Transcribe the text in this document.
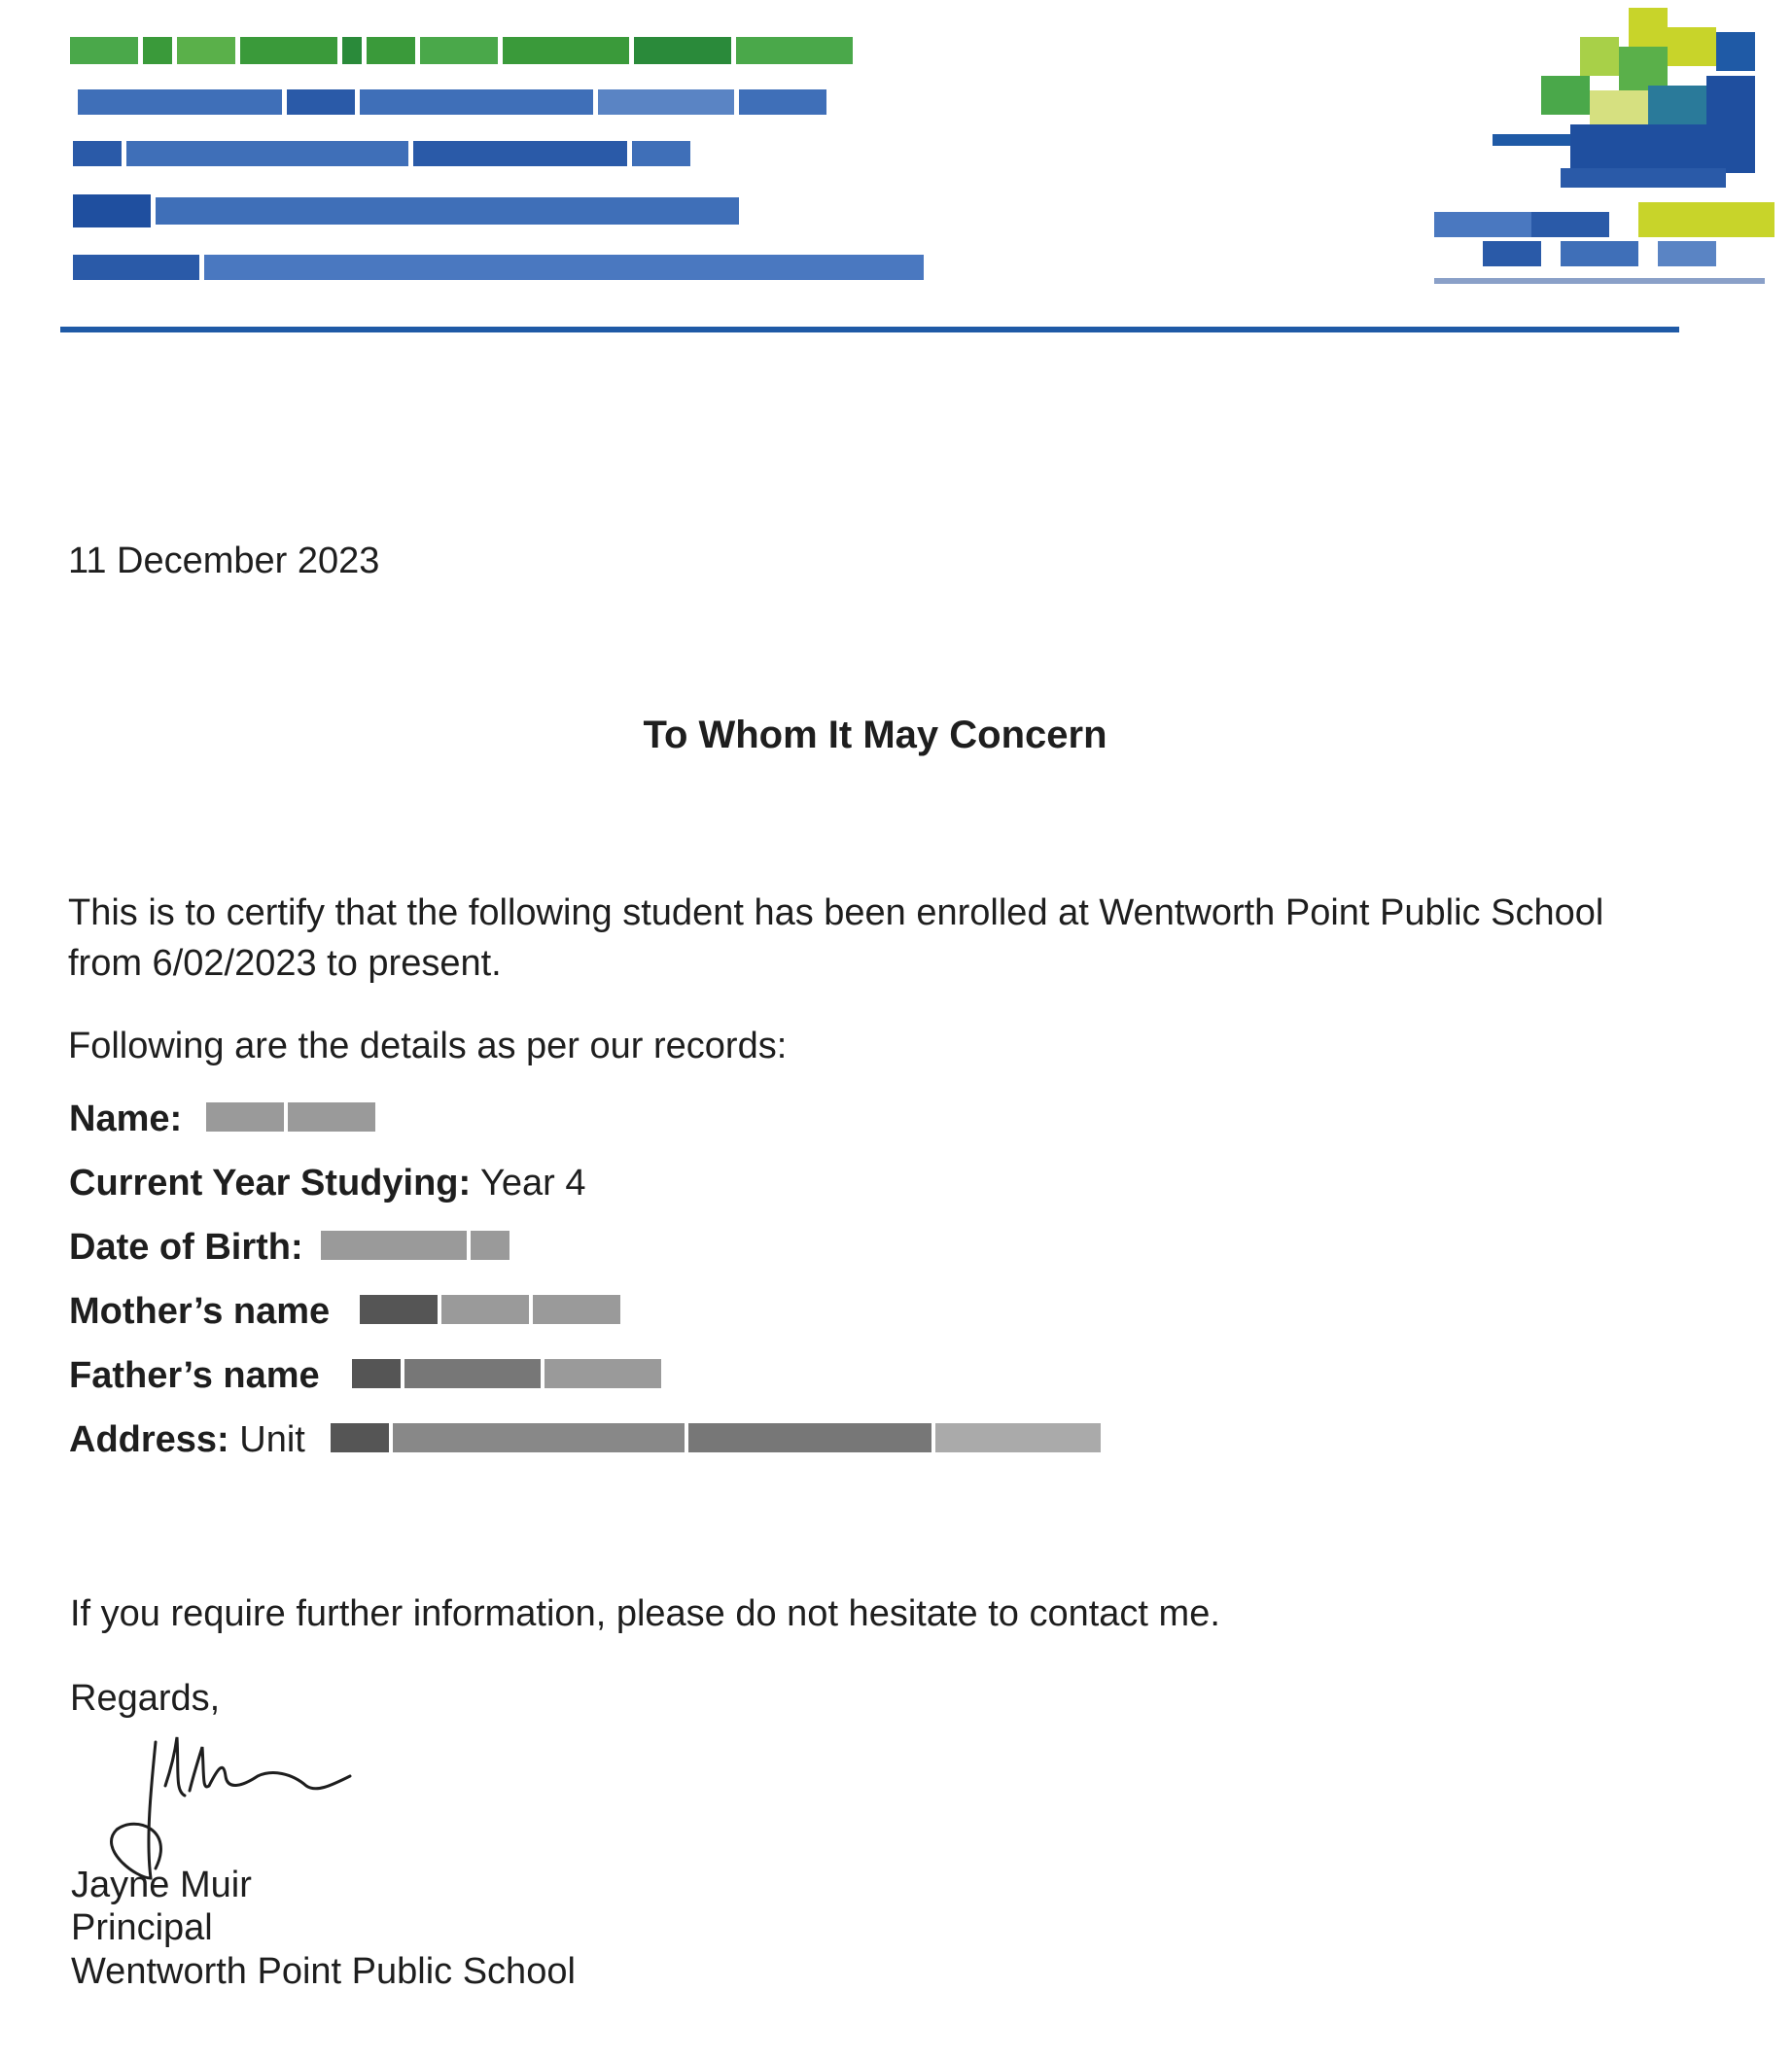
11 December 2023
To Whom It May Concern
This is to certify that the following student has been enrolled at Wentworth Point Public School
from 6/02/2023 to present.
Following are the details as per our records:
Name:
Current Year Studying: Year 4
Date of Birth:
Mother’s name
Father’s name
Address: Unit
If you require further information, please do not hesitate to contact me.
Regards,
Jayne Muir
Principal
Wentworth Point Public School
